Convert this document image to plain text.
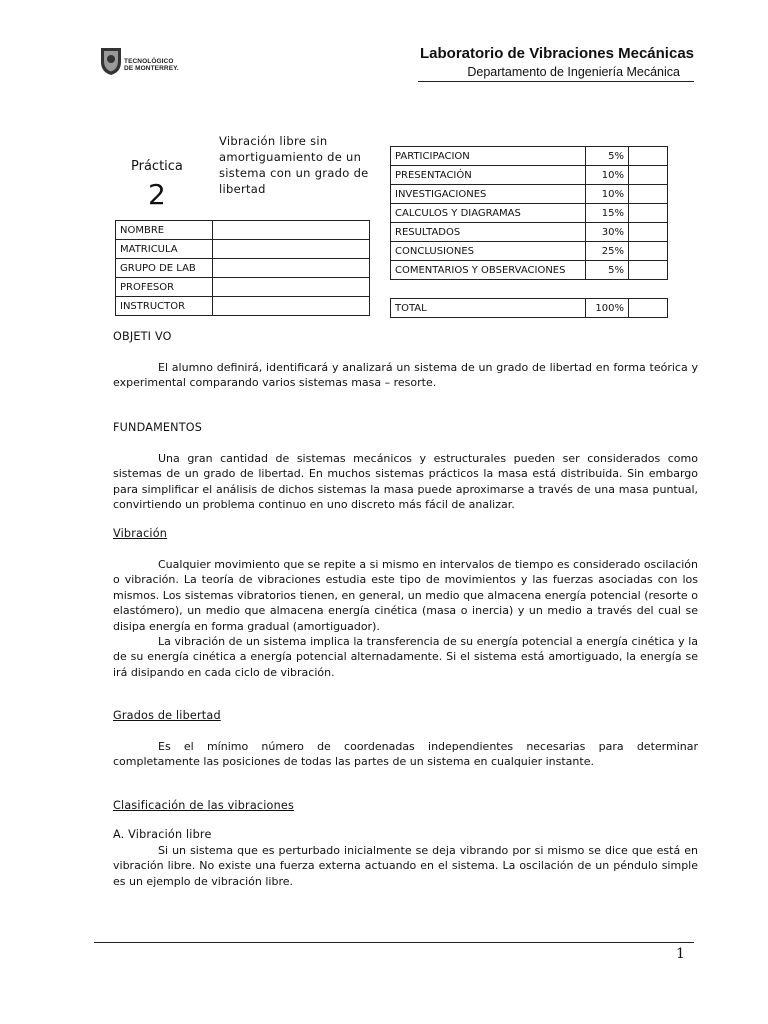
TECNOLÓGICO
DE MONTERREY.
Laboratorio de Vibraciones Mecánicas
Departamento de Ingeniería Mecánica
Práctica
2
Vibración libre sin amortiguamiento de un sistema con un grado de libertad
NOMBRE	
MATRICULA	
GRUPO DE LAB	
PROFESOR	
INSTRUCTOR	
PARTICIPACION	5%	
PRESENTACIÓN	10%	
INVESTIGACIONES	10%	
CALCULOS Y DIAGRAMAS	15%	
RESULTADOS	30%	
CONCLUSIONES	25%	
COMENTARIOS Y OBSERVACIONES	5%	
TOTAL	100%	
OBJETI VO

El alumno definirá, identificará y analizará un sistema de un grado de libertad en forma teórica y experimental comparando varios sistemas masa – resorte.

FUNDAMENTOS

Una gran cantidad de sistemas mecánicos y estructurales pueden ser considerados como sistemas de un grado de libertad. En muchos sistemas prácticos la masa está distribuida. Sin embargo para simplificar el análisis de dichos sistemas la masa puede aproximarse a través de una masa puntual, convirtiendo un problema continuo en uno discreto más fácil de analizar.

Vibración

Cualquier movimiento que se repite a si mismo en intervalos de tiempo es considerado oscilación o vibración. La teoría de vibraciones estudia este tipo de movimientos y las fuerzas asociadas con los mismos. Los sistemas vibratorios tienen, en general, un medio que almacena energía potencial (resorte o elastómero), un medio que almacena energía cinética (masa o inercia) y un medio a través del cual se disipa energía en forma gradual (amortiguador).

La vibración de un sistema implica la transferencia de su energía potencial a energía cinética y la de su energía cinética a energía potencial alternadamente. Si el sistema está amortiguado, la energía se irá disipando en cada ciclo de vibración.

Grados de libertad

Es el mínimo número de coordenadas independientes necesarias para determinar completamente las posiciones de todas las partes de un sistema en cualquier instante.

Clasificación de las vibraciones
A. Vibración libre

Si un sistema que es perturbado inicialmente se deja vibrando por si mismo se dice que está en vibración libre. No existe una fuerza externa actuando en el sistema. La oscilación de un péndulo simple es un ejemplo de vibración libre.

1
